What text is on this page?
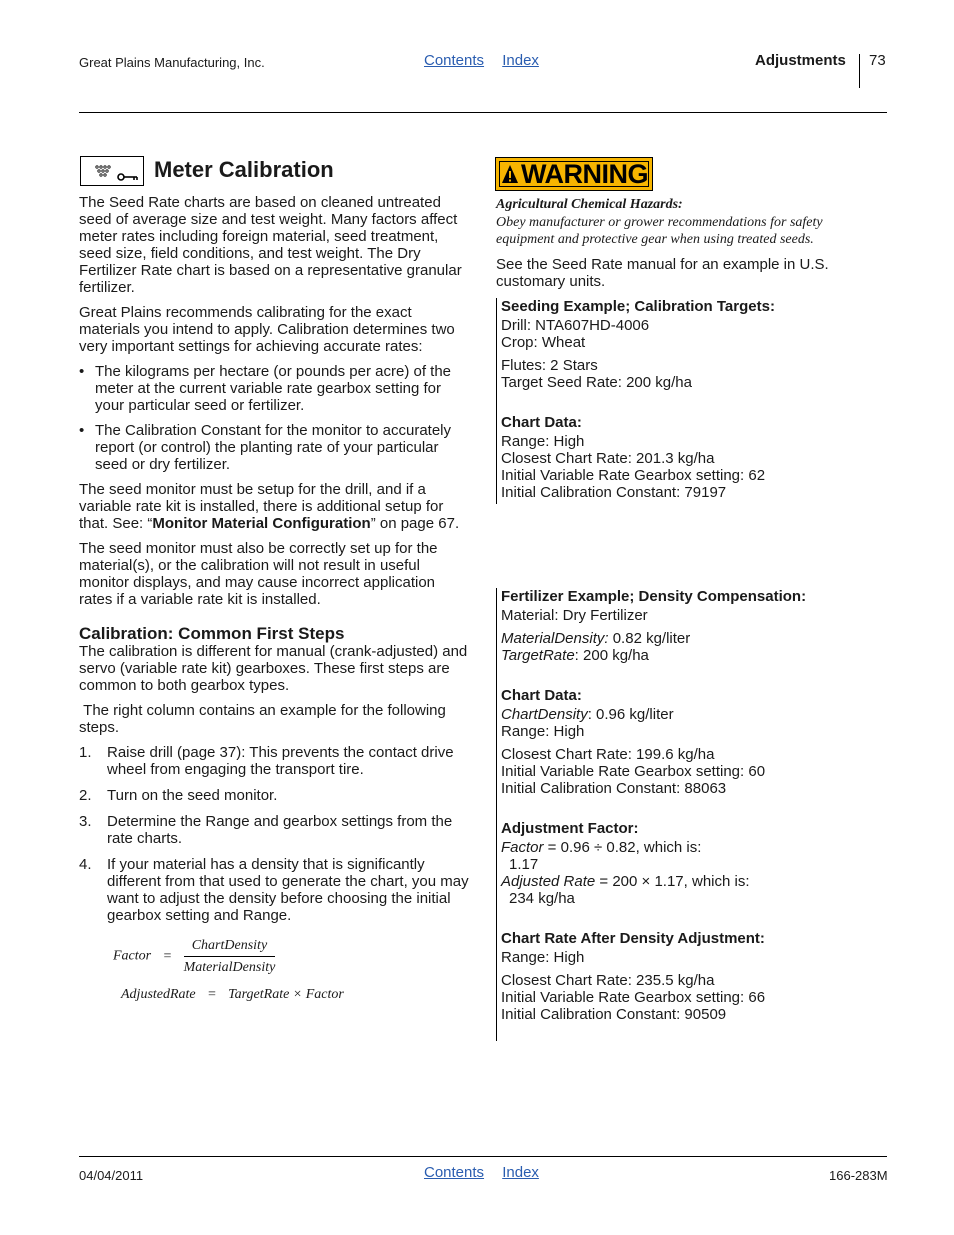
Great Plains Manufacturing, Inc.	Contents Index	Adjustments 73
Meter Calibration

The Seed Rate charts are based on cleaned untreated seed of average size and test weight. Many factors affect meter rates including foreign material, seed treatment, seed size, field conditions, and test weight. The Dry Fertilizer Rate chart is based on a representative granular fertilizer.

Great Plains recommends calibrating for the exact materials you intend to apply. Calibration determines two very important settings for achieving accurate rates:

• The kilograms per hectare (or pounds per acre) of the meter at the current variable rate gearbox setting for your particular seed or fertilizer.
• The Calibration Constant for the monitor to accurately report (or control) the planting rate of your particular seed or dry fertilizer.

The seed monitor must be setup for the drill, and if a variable rate kit is installed, there is additional setup for that. See: “Monitor Material Configuration” on page 67.

The seed monitor must also be correctly set up for the material(s), or the calibration will not result in useful monitor displays, and may cause incorrect application rates if a variable rate kit is installed.

Calibration: Common First Steps

The calibration is different for manual (crank-adjusted) and servo (variable rate kit) gearboxes. These first steps are common to both gearbox types.

The right column contains an example for the following steps.

1. Raise drill (page 37): This prevents the contact drive wheel from engaging the transport tire.
2. Turn on the seed monitor.
3. Determine the Range and gearbox settings from the rate charts.
4. If your material has a density that is significantly different from that used to generate the chart, you may want to adjust the density before choosing the initial gearbox setting and Range.
Factor = $\frac{\text{ChartDensity}}{\text{MaterialDensity}}$
AdjustedRate = TargetRate × Factor
WARNING
Agricultural Chemical Hazards:
Obey manufacturer or grower recommendations for safety equipment and protective gear when using treated seeds.
See the Seed Rate manual for an example in U.S. customary units.

Seeding Example; Calibration Targets:

Drill: NTA607HD-4006

Crop: Wheat

Flutes: 2 Stars

Target Seed Rate: 200 kg/ha

Chart Data:

Range: High

Closest Chart Rate: 201.3 kg/ha

Initial Variable Rate Gearbox setting: 62

Initial Calibration Constant: 79197

Fertilizer Example; Density Compensation:

Material: Dry Fertilizer

MaterialDensity: 0.82 kg/liter

TargetRate: 200 kg/ha

Chart Data:

ChartDensity: 0.96 kg/liter

Range: High

Closest Chart Rate: 199.6 kg/ha

Initial Variable Rate Gearbox setting: 60

Initial Calibration Constant: 88063

Adjustment Factor:

Factor = 0.96 ÷ 0.82, which is:

1.17

Adjusted Rate = 200 × 1.17, which is:

234 kg/ha

Chart Rate After Density Adjustment:

Range: High

Closest Chart Rate: 235.5 kg/ha

Initial Variable Rate Gearbox setting: 66

Initial Calibration Constant: 90509

04/04/2011	Contents Index	166-283M
